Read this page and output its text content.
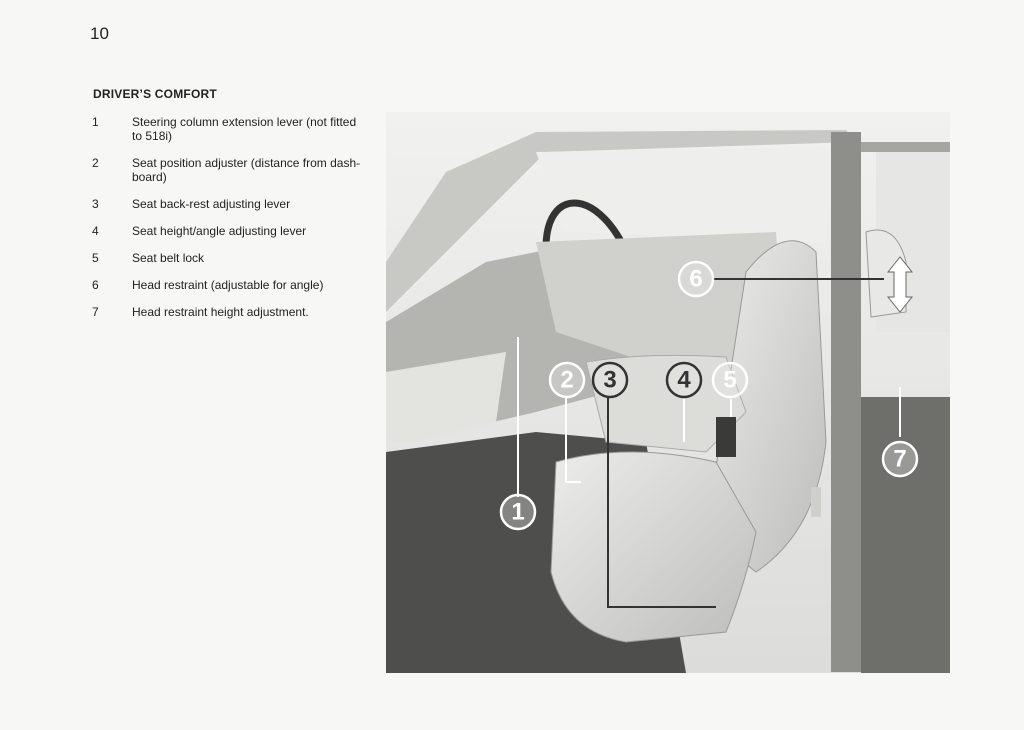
10
DRIVER’S COMFORT
1	Steering column extension lever (not fitted to 518i)
2	Seat position adjuster (distance from dash-board)
3	Seat back-rest adjusting lever
4	Seat height/angle adjusting lever
5	Seat belt lock
6	Head restraint (adjustable for angle)
7	Head restraint height adjustment.
1
2 3	4 5
6
7
